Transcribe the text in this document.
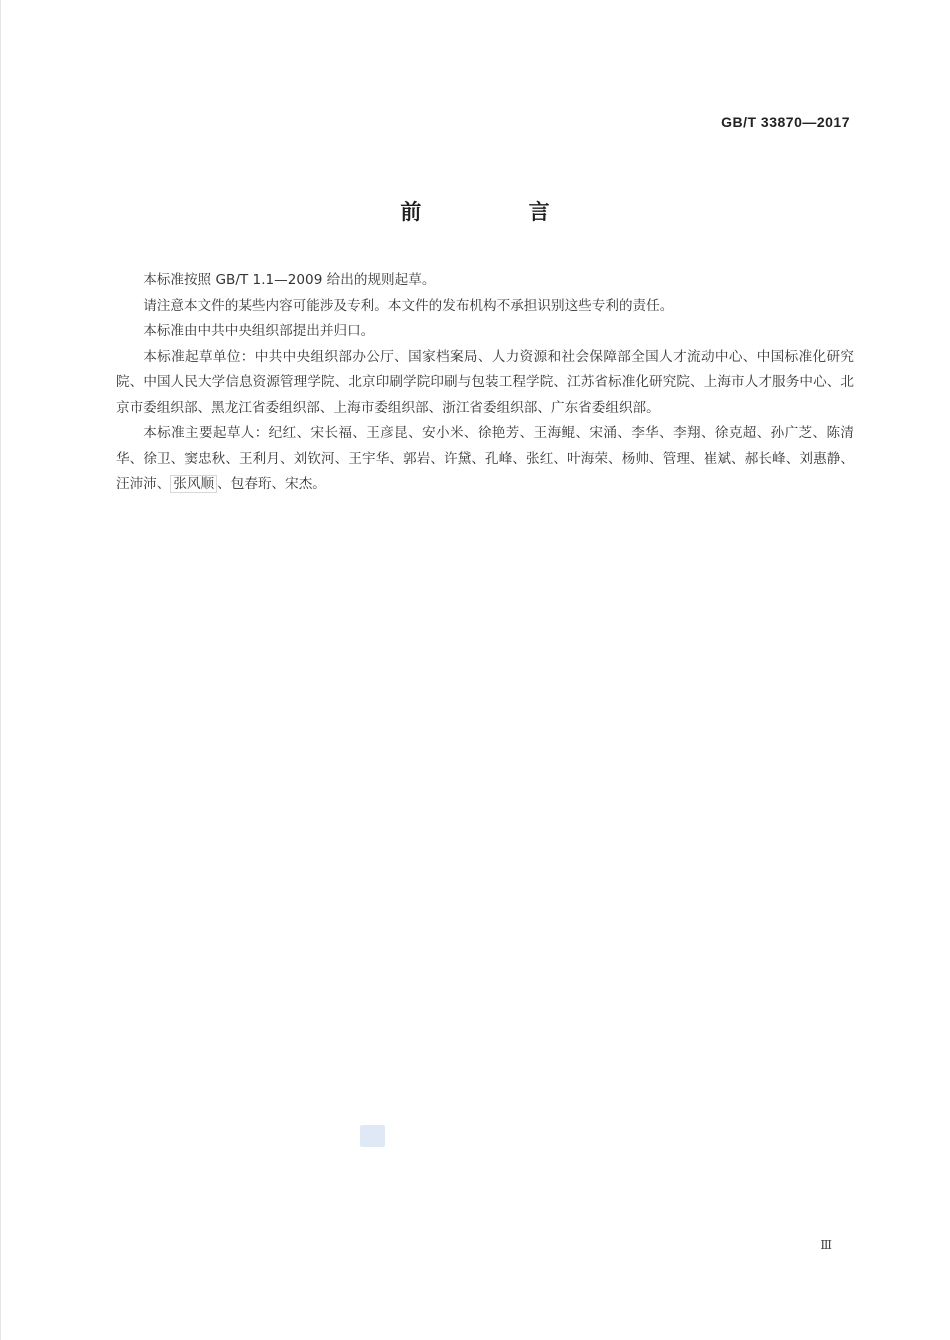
GB/T 33870—2017
前 言

本标准按照 GB/T 1.1—2009 给出的规则起草。

请注意本文件的某些内容可能涉及专利。本文件的发布机构不承担识别这些专利的责任。

本标准由中共中央组织部提出并归口。

本标准起草单位：中共中央组织部办公厅、国家档案局、人力资源和社会保障部全国人才流动中心、中国标准化研究院、中国人民大学信息资源管理学院、北京印刷学院印刷与包装工程学院、江苏省标准化研究院、上海市人才服务中心、北京市委组织部、黑龙江省委组织部、上海市委组织部、浙江省委组织部、广东省委组织部。

本标准主要起草人：纪红、宋长福、王彦昆、安小米、徐艳芳、王海鲲、宋涌、李华、李翔、徐克超、孙广芝、陈清华、徐卫、窦忠秋、王利月、刘钦河、王宇华、郭岩、许黛、孔峰、张红、叶海荣、杨帅、管理、崔斌、郝长峰、刘惠静、汪沛沛、 张风顺 、包春珩、宋杰。

Ⅲ
